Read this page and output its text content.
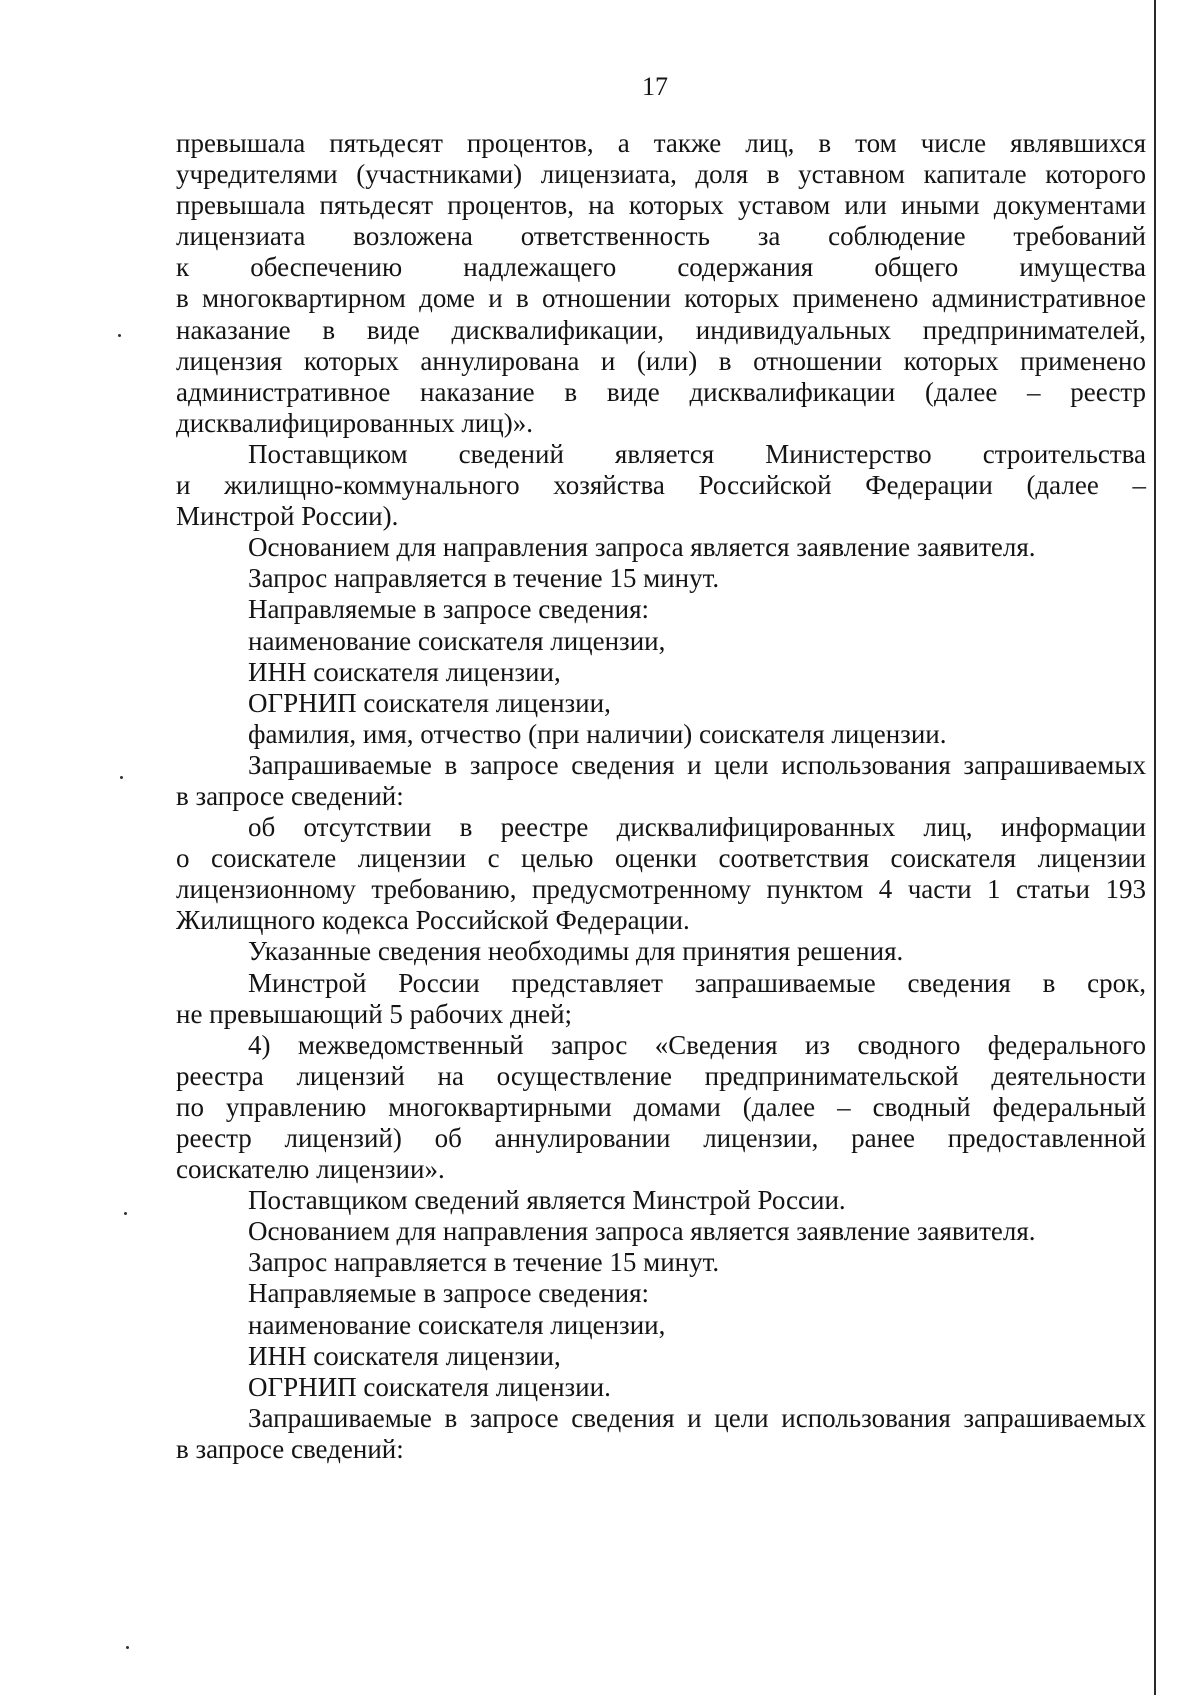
17
превышала пятьдесят процентов, а также лиц, в том числе являвшихся
учредителями (участниками) лицензиата, доля в уставном капитале которого
превышала пятьдесят процентов, на которых уставом или иными документами
лицензиата возложена ответственность за соблюдение требований
к обеспечению надлежащего содержания общего имущества
в многоквартирном доме и в отношении которых применено административное
наказание в виде дисквалификации, индивидуальных предпринимателей,
лицензия которых аннулирована и (или) в отношении которых применено
административное наказание в виде дисквалификации (далее – реестр
дисквалифицированных лиц)».
Поставщиком сведений является Министерство строительства
и жилищно-коммунального хозяйства Российской Федерации (далее –
Минстрой России).
Основанием для направления запроса является заявление заявителя.
Запрос направляется в течение 15 минут.
Направляемые в запросе сведения:
наименование соискателя лицензии,
ИНН соискателя лицензии,
ОГРНИП соискателя лицензии,
фамилия, имя, отчество (при наличии) соискателя лицензии.
Запрашиваемые в запросе сведения и цели использования запрашиваемых
в запросе сведений:
об отсутствии в реестре дисквалифицированных лиц, информации
о соискателе лицензии с целью оценки соответствия соискателя лицензии
лицензионному требованию, предусмотренному пунктом 4 части 1 статьи 193
Жилищного кодекса Российской Федерации.
Указанные сведения необходимы для принятия решения.
Минстрой России представляет запрашиваемые сведения в срок,
не превышающий 5 рабочих дней;
4) межведомственный запрос «Сведения из сводного федерального
реестра лицензий на осуществление предпринимательской деятельности
по управлению многоквартирными домами (далее – сводный федеральный
реестр лицензий) об аннулировании лицензии, ранее предоставленной
соискателю лицензии».
Поставщиком сведений является Минстрой России.
Основанием для направления запроса является заявление заявителя.
Запрос направляется в течение 15 минут.
Направляемые в запросе сведения:
наименование соискателя лицензии,
ИНН соискателя лицензии,
ОГРНИП соискателя лицензии.
Запрашиваемые в запросе сведения и цели использования запрашиваемых
в запросе сведений:
